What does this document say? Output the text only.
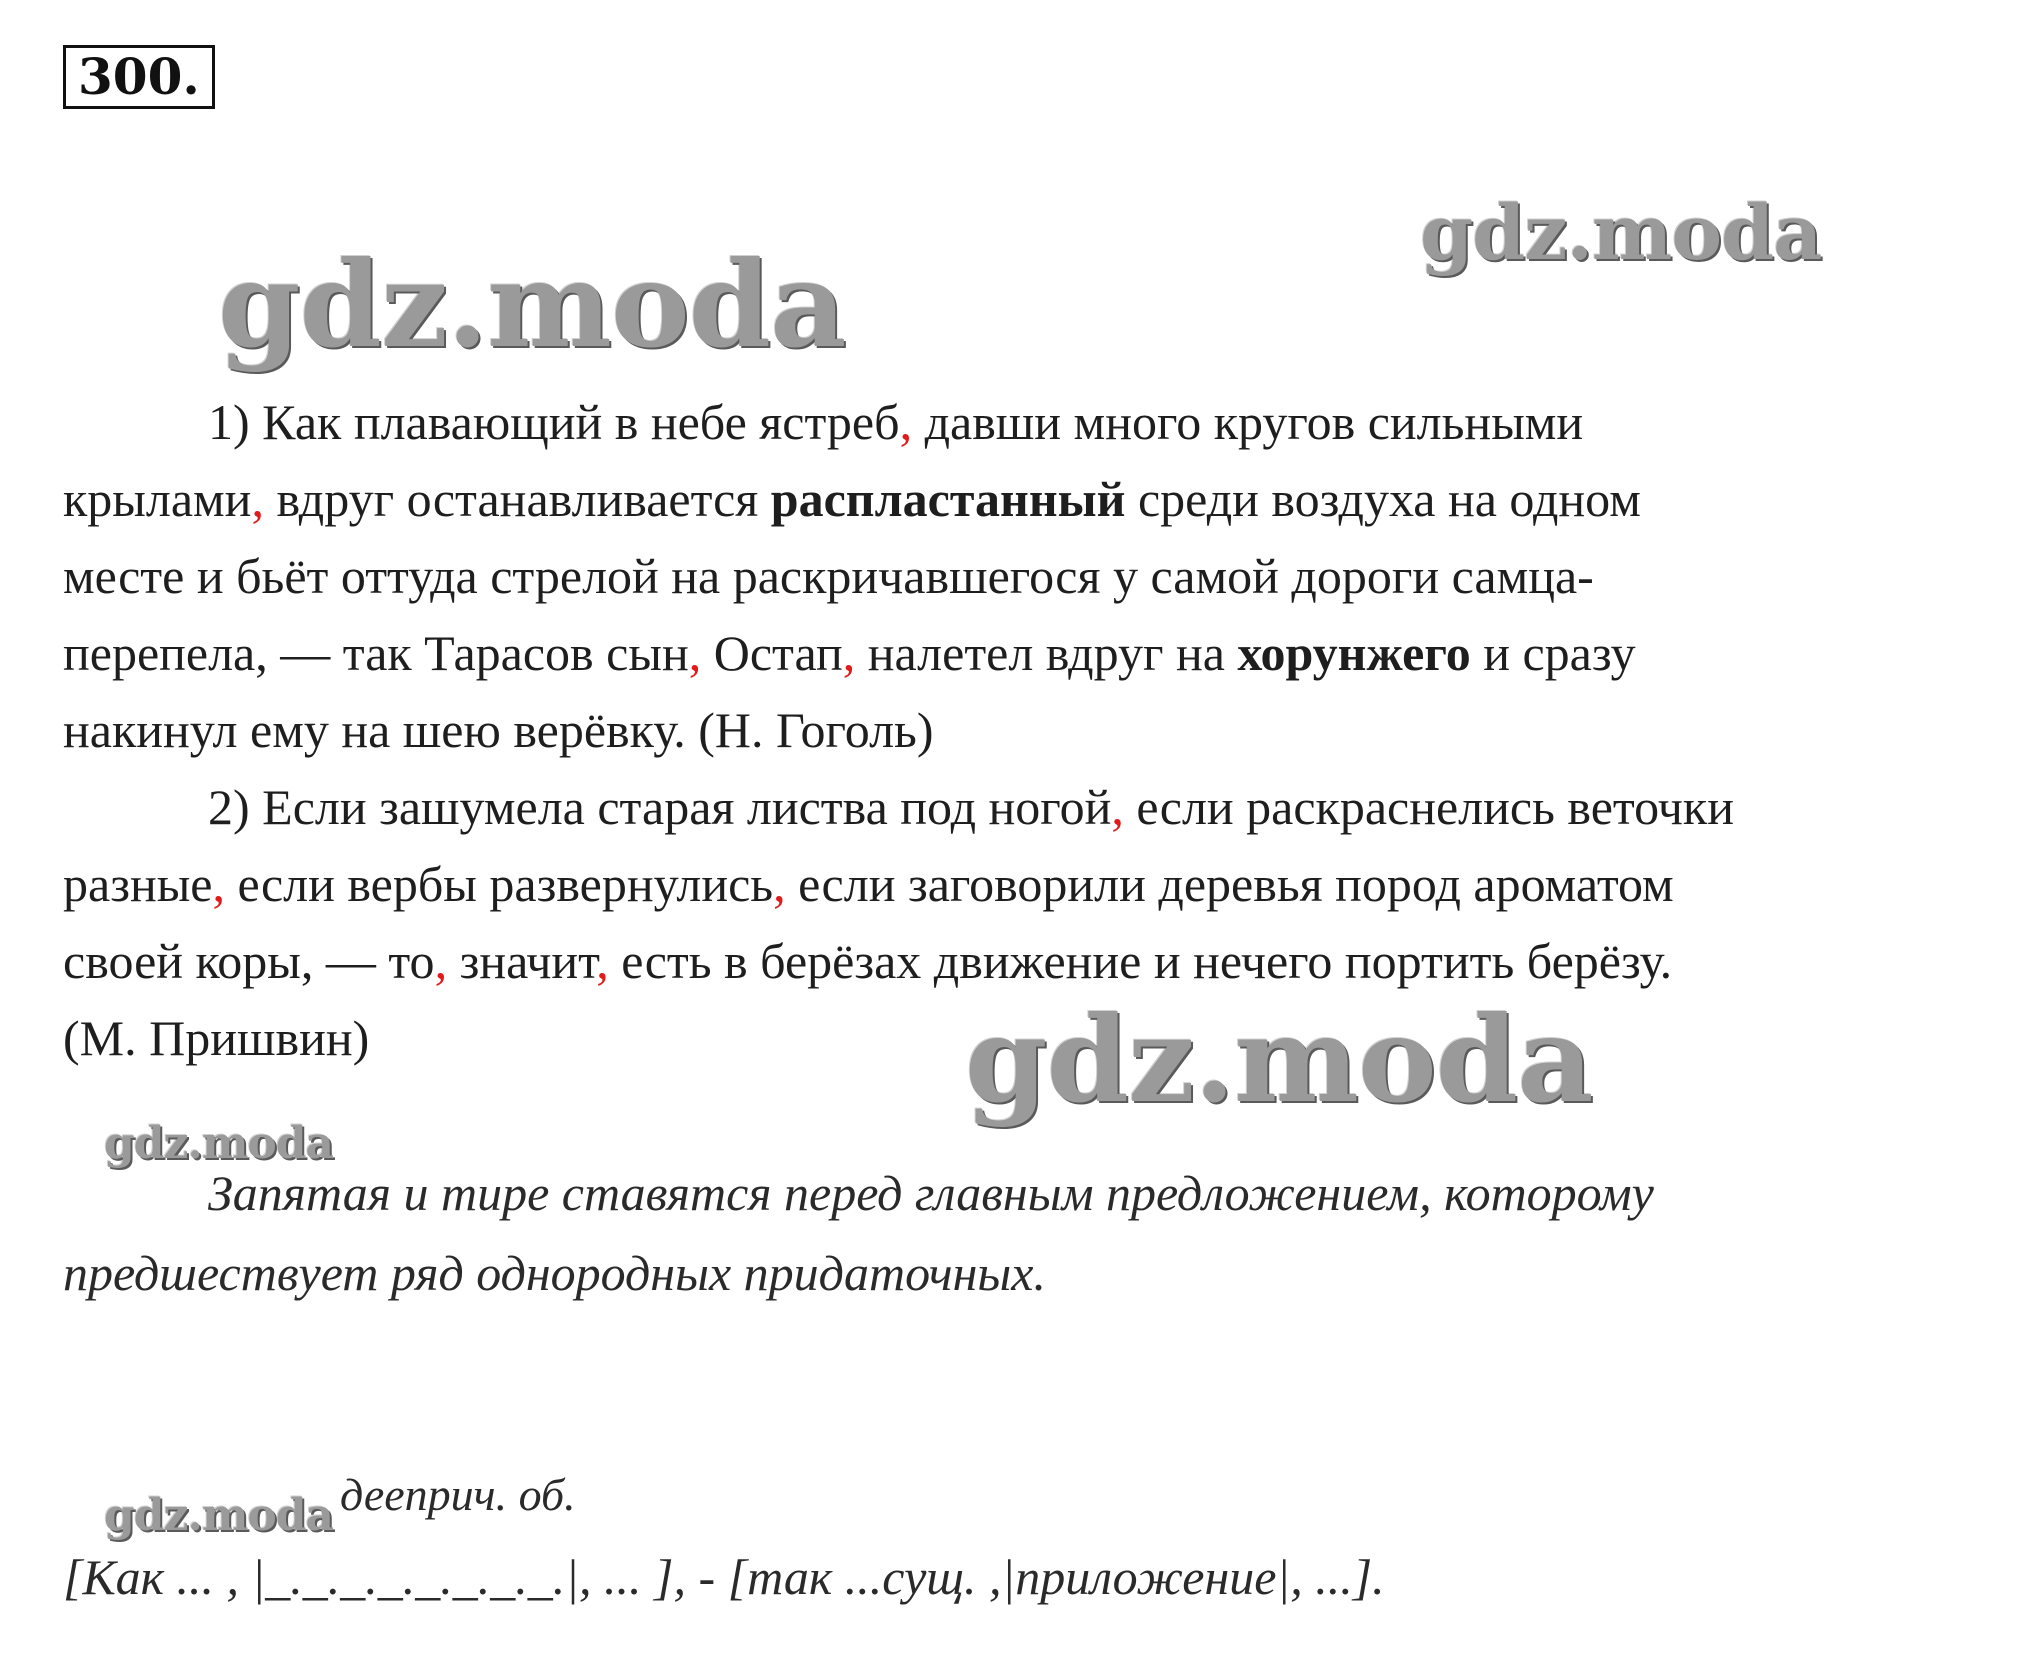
300.
gdz.moda
gdz.moda
gdz.moda
gdz.moda
gdz.moda
1) Как плавающий в небе ястреб, давши много кругов сильными
крылами, вдруг останавливается распластанный среди воздуха на одном
месте и бьёт оттуда стрелой на раскричавшегося у самой дороги самца-
перепела, — так Тарасов сын, Остап, налетел вдруг на хорунжего и сразу
накинул ему на шею верёвку. (Н. Гоголь)
2) Если зашумела старая листва под ногой, если раскраснелись веточки
разные, если вербы развернулись, если заговорили деревья пород ароматом
своей коры, — то, значит, есть в берёзах движение и нечего портить берёзу.
(М. Пришвин)
Запятая и тире ставятся перед главным предложением, которому
предшествует ряд однородных придаточных.
дееприч. об.
[Как ... , |_._._._._._._._.|, ... ], - [так ...сущ. ,|приложение|, ...].
